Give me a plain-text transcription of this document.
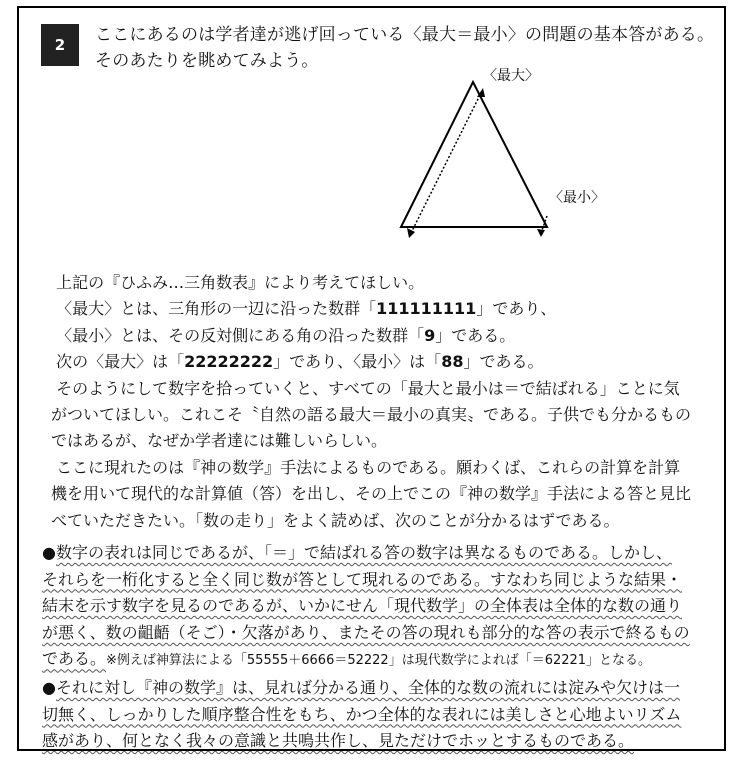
2	ここにあるのは学者達が逃げ回っている〈最大＝最小〉の問題の基本答がある。
そのあたりを眺めてみよう。
〈最大〉
〈最小〉

上記の『ひふみ…三角数表』により考えてほしい。

〈最大〉とは、三角形の一辺に沿った数群「111111111」であり、

〈最小〉とは、その反対側にある角の沿った数群「9」である。

次の〈最大〉は「22222222」であり、〈最小〉は「88」である。

そのようにして数字を拾っていくと、すべての「最大と最小は＝で結ばれる」ことに気

がついてほしい。これこそ〝自然の語る最大＝最小の真実〟である。子供でも分かるもの

ではあるが、なぜか学者達には難しいらしい。

ここに現れたのは『神の数学』手法によるものである。願わくば、これらの計算を計算

機を用いて現代的な計算値（答）を出し、その上でこの『神の数学』手法による答と見比

べていただきたい。「数の走り」をよく読めば、次のことが分かるはずである。

●数字の表れは同じであるが、「＝」で結ばれる答の数字は異なるものである。しかし、

それらを一桁化すると全く同じ数が答として現れるのである。すなわち同じような結果・

結末を示す数字を見るのであるが、いかにせん「現代数学」の全体表は全体的な数の通り

が悪く、数の齟齬（そご）・欠落があり、またその答の現れも部分的な答の表示で終るもの

である。※例えば神算法による「55555＋6666＝52222」は現代数学によれば「＝62221」となる。

●それに対し『神の数学』は、見れば分かる通り、全体的な数の流れには淀みや欠けは一

切無く、しっかりした順序整合性をもち、かつ全体的な表れには美しさと心地よいリズム

感があり、何となく我々の意識と共鳴共作し、見ただけでホッとするものである。
